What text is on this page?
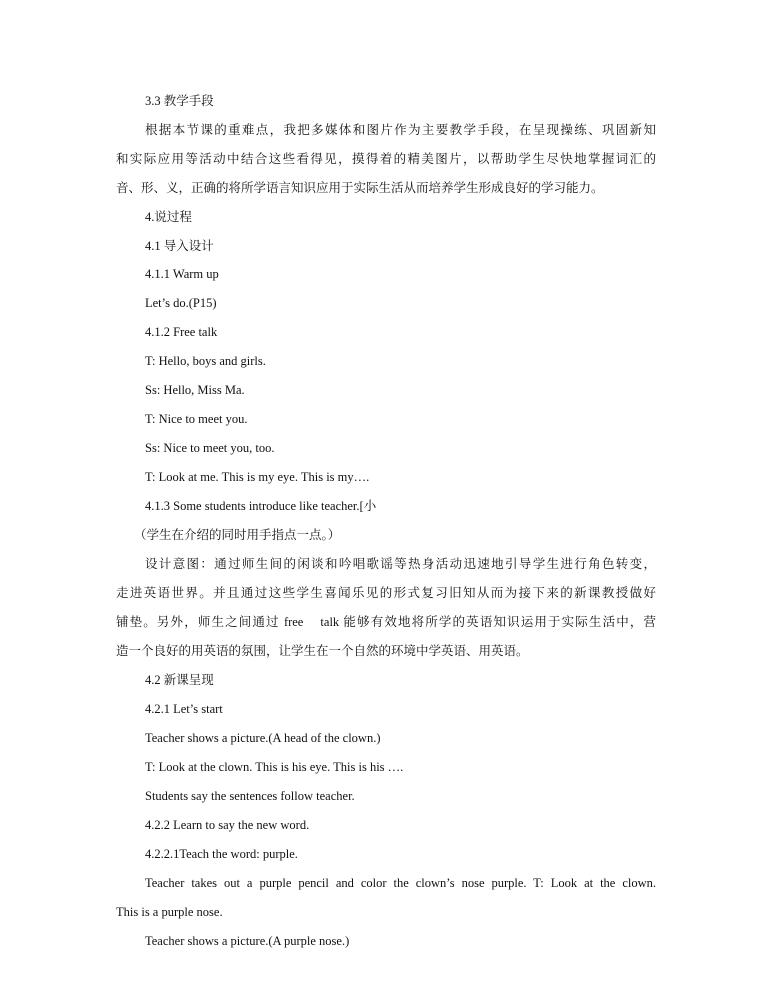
3.3 教学手段
根据本节课的重难点，我把多媒体和图片作为主要教学手段，在呈现操练、巩固新知
和实际应用等活动中结合这些看得见，摸得着的精美图片，以帮助学生尽快地掌握词汇的
音、形、义，正确的将所学语言知识应用于实际生活从而培养学生形成良好的学习能力。
4.说过程
4.1 导入设计
4.1.1 Warm up
Let’s do.(P15)
4.1.2 Free talk
T: Hello, boys and girls.
Ss: Hello, Miss Ma.
T: Nice to meet you.
Ss: Nice to meet you, too.
T: Look at me. This is my eye. This is my….
4.1.3 Some students introduce like teacher.[小
（学生在介绍的同时用手指点一点。）
设计意图：通过师生间的闲谈和吟唱歌谣等热身活动迅速地引导学生进行角色转变，
走进英语世界。并且通过这些学生喜闻乐见的形式复习旧知从而为接下来的新课教授做好
铺垫。另外，师生之间通过 free    talk 能够有效地将所学的英语知识运用于实际生活中，营
造一个良好的用英语的氛围，让学生在一个自然的环境中学英语、用英语。
4.2 新课呈现
4.2.1 Let’s start
Teacher shows a picture.(A head of the clown.)
T: Look at the clown. This is his eye. This is his ….
Students say the sentences follow teacher.
4.2.2 Learn to say the new word.
4.2.2.1Teach the word: purple.
Teacher takes out a purple pencil and color the clown’s nose purple. T: Look at the clown.
This is a purple nose.
Teacher shows a picture.(A purple nose.)
